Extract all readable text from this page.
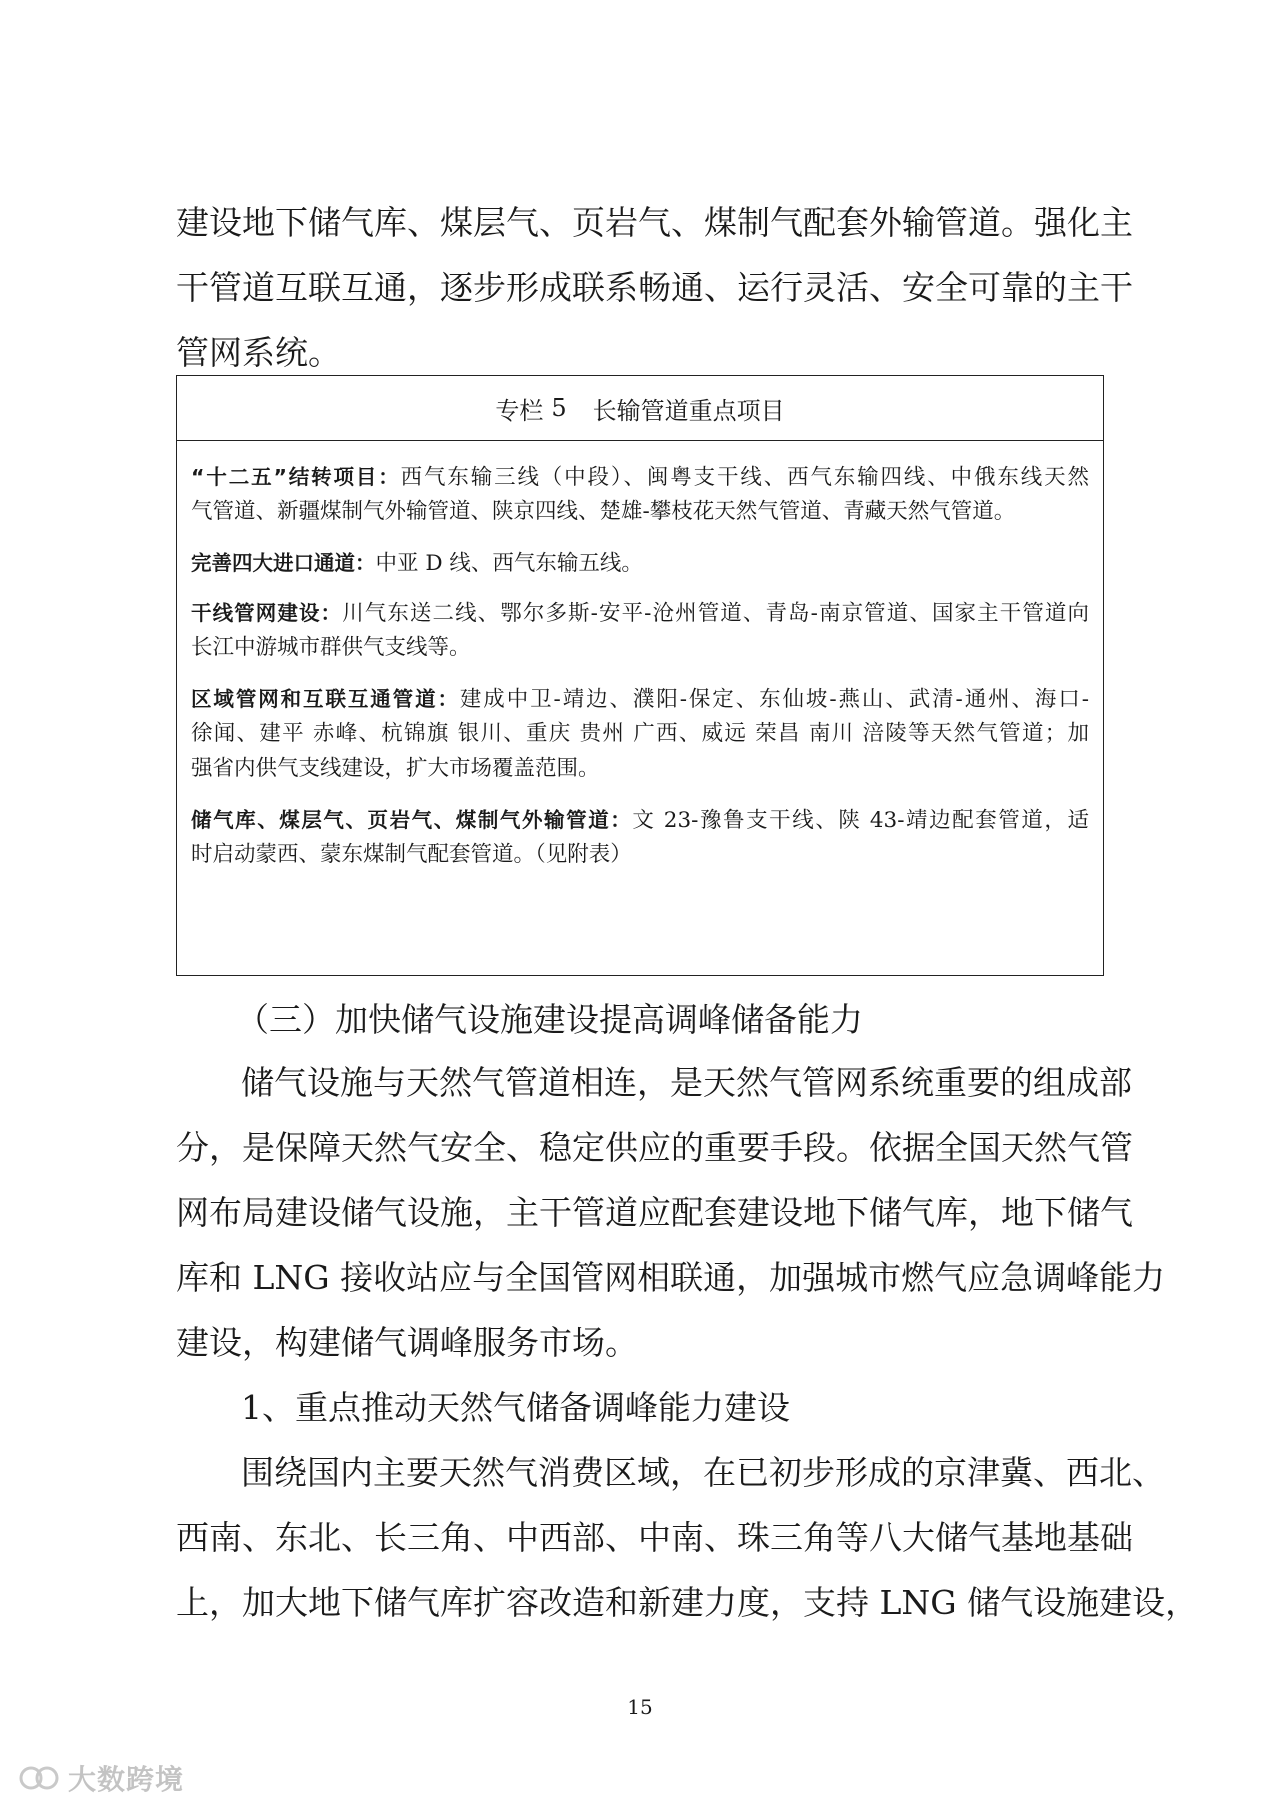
建设地下储气库、煤层气、页岩气、煤制气配套外输管道。强化主
干管道互联互通，逐步形成联系畅通、运行灵活、安全可靠的主干
管网系统。
专栏 5 长输管道重点项目
“十二五”结转项目：西气东输三线（中段）、闽粤支干线、西气东输四线、中俄东线天然
气管道、新疆煤制气外输管道、陕京四线、楚雄-攀枝花天然气管道、青藏天然气管道。
完善四大进口通道：中亚 D 线、西气东输五线。
干线管网建设：川气东送二线、鄂尔多斯-安平-沧州管道、青岛-南京管道、国家主干管道向
长江中游城市群供气支线等。
区域管网和互联互通管道：建成中卫-靖边、濮阳-保定、东仙坡-燕山、武清-通州、海口-
徐闻、建平 赤峰、杭锦旗 银川、重庆 贵州 广西、威远 荣昌 南川 涪陵等天然气管道；加
强省内供气支线建设，扩大市场覆盖范围。
储气库、煤层气、页岩气、煤制气外输管道：文 23-豫鲁支干线、陕 43-靖边配套管道，适
时启动蒙西、蒙东煤制气配套管道。（见附表）
（三）加快储气设施建设提高调峰储备能力
储气设施与天然气管道相连，是天然气管网系统重要的组成部
分，是保障天然气安全、稳定供应的重要手段。依据全国天然气管
网布局建设储气设施，主干管道应配套建设地下储气库，地下储气
库和 LNG 接收站应与全国管网相联通，加强城市燃气应急调峰能力
建设，构建储气调峰服务市场。
1、重点推动天然气储备调峰能力建设
围绕国内主要天然气消费区域，在已初步形成的京津冀、西北、
西南、东北、长三角、中西部、中南、珠三角等八大储气基地基础
上，加大地下储气库扩容改造和新建力度，支持 LNG 储气设施建设，
15
大数跨境
